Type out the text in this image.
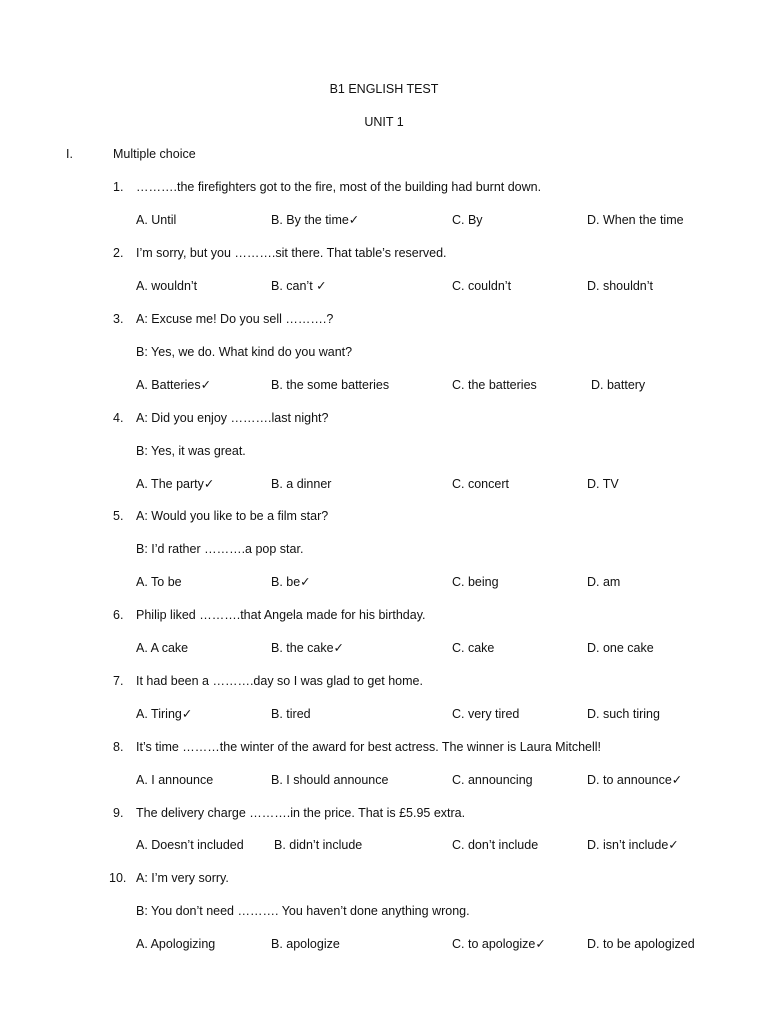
B1 ENGLISH TEST
UNIT 1
I.	Multiple choice
1. ……….the firefighters got to the fire, most of the building had burnt down.
A. Until	B. By the time✓	C. By	D. When the time
2. I’m sorry, but you ……….sit there. That table’s reserved.
A. wouldn’t	B. can’t ✓	C. couldn’t	D. shouldn’t
3. A: Excuse me! Do you sell ……….?
B: Yes, we do. What kind do you want?
A. Batteries✓	B. the some batteries	C. the batteries	D. battery
4. A: Did you enjoy ……….last night?
B: Yes, it was great.
A. The party✓	B. a dinner	C. concert	D. TV
5. A: Would you like to be a film star?
B: I’d rather ……….a pop star.
A. To be	B. be✓	C. being	D. am
6. Philip liked ……….that Angela made for his birthday.
A. A cake	B. the cake✓	C. cake	D. one cake
7. It had been a ……….day so I was glad to get home.
A. Tiring✓	B. tired	C. very tired	D. such tiring
8. It’s time ………the winter of the award for best actress. The winner is Laura Mitchell!
A. I announce	B. I should announce	C. announcing	D. to announce✓
9. The delivery charge ……….in the price. That is £5.95 extra.
A. Doesn’t included B. didn’t include	C. don’t include	D. isn’t include✓
10. A: I’m very sorry.
B: You don’t need ………. You haven’t done anything wrong.
A. Apologizing	B. apologize	C. to apologize✓	D. to be apologized
